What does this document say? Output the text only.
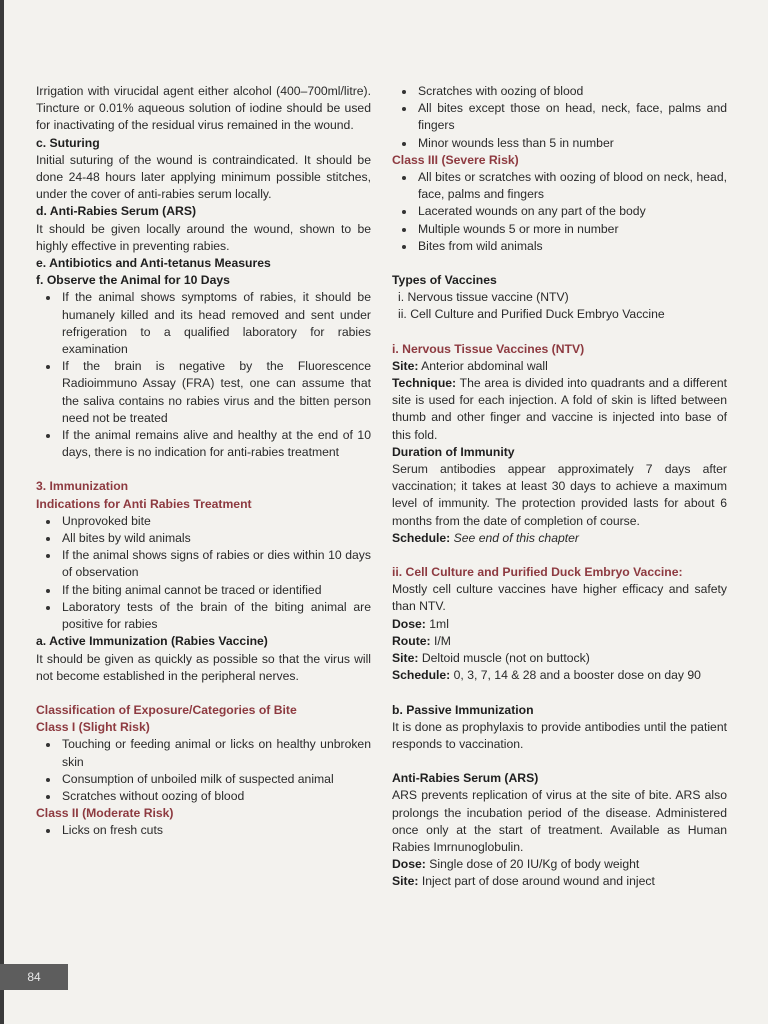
Irrigation with virucidal agent either alcohol (400–700ml/litre). Tincture or 0.01% aqueous solution of iodine should be used for inactivating of the residual virus remained in the wound.

c. Suturing

Initial suturing of the wound is contraindicated. It should be done 24-48 hours later applying minimum possible stitches, under the cover of anti-rabies serum locally.

d. Anti-Rabies Serum (ARS)

It should be given locally around the wound, shown to be highly effective in preventing rabies.

e. Antibiotics and Anti-tetanus Measures
f. Observe the Animal for 10 Days
If the animal shows symptoms of rabies, it should be humanely killed and its head removed and sent under refrigeration to a qualified laboratory for rabies examination
If the brain is negative by the Fluorescence Radioimmuno Assay (FRA) test, one can assume that the saliva contains no rabies virus and the bitten person need not be treated
If the animal remains alive and healthy at the end of 10 days, there is no indication for anti-rabies treatment
3. Immunization
Indications for Anti Rabies Treatment
Unprovoked bite
All bites by wild animals
If the animal shows signs of rabies or dies within 10 days of observation
If the biting animal cannot be traced or identified
Laboratory tests of the brain of the biting animal are positive for rabies
a. Active Immunization (Rabies Vaccine)

It should be given as quickly as possible so that the virus will not become established in the peripheral nerves.

Classification of Exposure/Categories of Bite
Class I (Slight Risk)
Touching or feeding animal or licks on healthy unbroken skin
Consumption of unboiled milk of suspected animal
Scratches without oozing of blood
Class II (Moderate Risk)
Licks on fresh cuts
Scratches with oozing of blood
All bites except those on head, neck, face, palms and fingers
Minor wounds less than 5 in number
Class III (Severe Risk)
All bites or scratches with oozing of blood on neck, head, face, palms and fingers
Lacerated wounds on any part of the body
Multiple wounds 5 or more in number
Bites from wild animals
Types of Vaccines
i. Nervous tissue vaccine (NTV)
ii. Cell Culture and Purified Duck Embryo Vaccine
i. Nervous Tissue Vaccines (NTV)

Site: Anterior abdominal wall

Technique: The area is divided into quadrants and a different site is used for each injection. A fold of skin is lifted between thumb and other finger and vaccine is injected into base of this fold.

Duration of Immunity

Serum antibodies appear approximately 7 days after vaccination; it takes at least 30 days to achieve a maximum level of immunity. The protection provided lasts for about 6 months from the date of completion of course.

Schedule: See end of this chapter

ii. Cell Culture and Purified Duck Embryo Vaccine:

Mostly cell culture vaccines have higher efficacy and safety than NTV.

Dose: 1ml

Route: I/M

Site: Deltoid muscle (not on buttock)

Schedule: 0, 3, 7, 14 & 28 and a booster dose on day 90

b. Passive Immunization

It is done as prophylaxis to provide antibodies until the patient responds to vaccination.

Anti-Rabies Serum (ARS)

ARS prevents replication of virus at the site of bite. ARS also prolongs the incubation period of the disease. Administered once only at the start of treatment. Available as Human Rabies Imrnunoglobulin.

Dose: Single dose of 20 IU/Kg of body weight

Site: Inject part of dose around wound and inject

84
